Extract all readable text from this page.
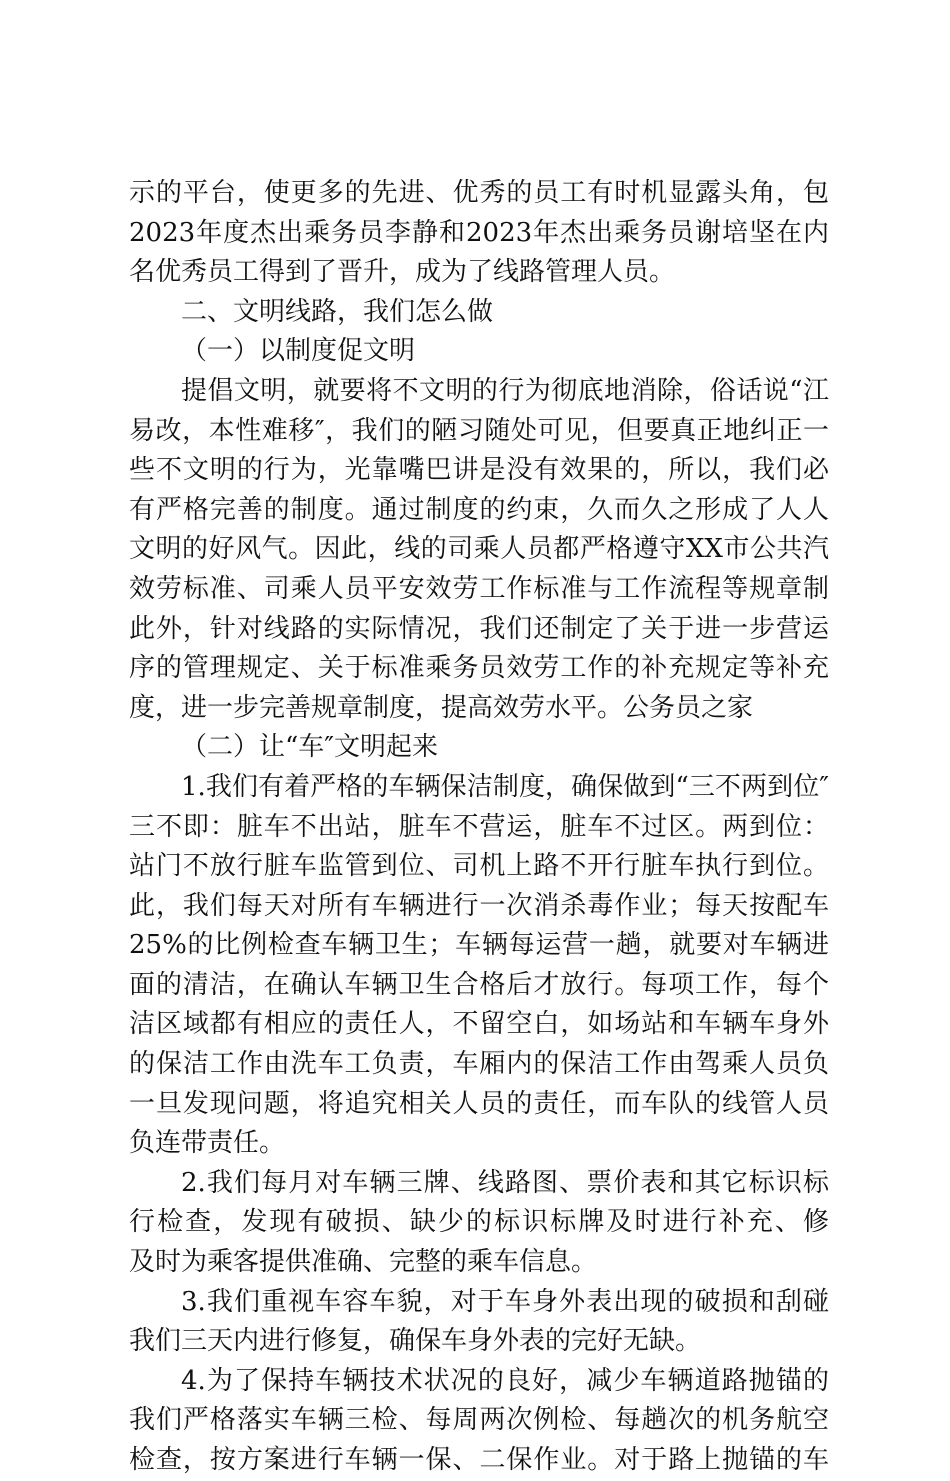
示的平台，使更多的先进、优秀的员工有时机显露头角，包
2023年度杰出乘务员李静和2023年杰出乘务员谢培坚在内
名优秀员工得到了晋升，成为了线路管理人员。
二、文明线路，我们怎么做
（一）以制度促文明
提倡文明，就要将不文明的行为彻底地消除，俗话说“江
易改，本性难移″，我们的陋习随处可见，但要真正地纠正一
些不文明的行为，光靠嘴巴讲是没有效果的，所以，我们必
有严格完善的制度。通过制度的约束，久而久之形成了人人
文明的好风气。因此，线的司乘人员都严格遵守XX市公共汽
效劳标准、司乘人员平安效劳工作标准与工作流程等规章制
此外，针对线路的实际情况，我们还制定了关于进一步营运
序的管理规定、关于标准乘务员效劳工作的补充规定等补充
度，进一步完善规章制度，提高效劳水平。公务员之家
（二）让“车″文明起来
1.我们有着严格的车辆保洁制度，确保做到“三不两到位″
三不即：脏车不出站，脏车不营运，脏车不过区。两到位：
站门不放行脏车监管到位、司机上路不开行脏车执行到位。
此，我们每天对所有车辆进行一次消杀毒作业；每天按配车
25%的比例检查车辆卫生；车辆每运营一趟，就要对车辆进
面的清洁，在确认车辆卫生合格后才放行。每项工作，每个
洁区域都有相应的责任人，不留空白，如场站和车辆车身外
的保洁工作由洗车工负责，车厢内的保洁工作由驾乘人员负
一旦发现问题，将追究相关人员的责任，而车队的线管人员
负连带责任。
2.我们每月对车辆三牌、线路图、票价表和其它标识标
行检查，发现有破损、缺少的标识标牌及时进行补充、修
及时为乘客提供准确、完整的乘车信息。
3.我们重视车容车貌，对于车身外表出现的破损和刮碰
我们三天内进行修复，确保车身外表的完好无缺。
4.为了保持车辆技术状况的良好，减少车辆道路抛锚的
我们严格落实车辆三检、每周两次例检、每趟次的机务航空
检查，按方案进行车辆一保、二保作业。对于路上抛锚的车
